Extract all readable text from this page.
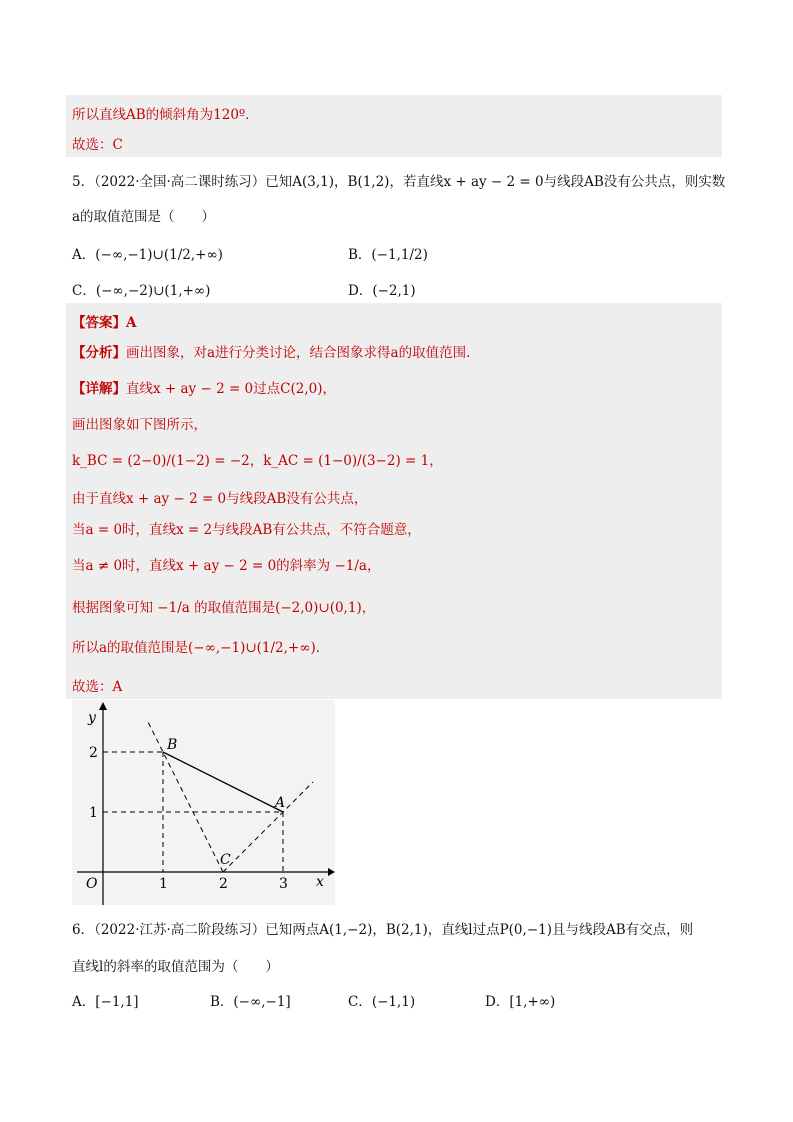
所以直线AB的倾斜角为120º．
故选：C
5．（2022·全国·高二课时练习）已知A(3,1)，B(1,2)，若直线x + ay − 2 = 0与线段AB没有公共点，则实数
a的取值范围是（　　）
A．(−∞,−1)∪(1/2,+∞)	B．(−1,1/2)
C．(−∞,−2)∪(1,+∞)	D．(−2,1)
【答案】A
【分析】画出图象，对a进行分类讨论，结合图象求得a的取值范围.
【详解】直线x + ay − 2 = 0过点C(2,0)，
画出图象如下图所示，
k_BC = (2−0)/(1−2) = −2，k_AC = (1−0)/(3−2) = 1，
由于直线x + ay − 2 = 0与线段AB没有公共点，
当a = 0时，直线x = 2与线段AB有公共点，不符合题意，
当a ≠ 0时，直线x + ay − 2 = 0的斜率为 −1/a，
根据图象可知 −1/a 的取值范围是(−2,0)∪(0,1)，
所以a的取值范围是(−∞,−1)∪(1/2,+∞).
故选：A
x
y
O	1	2	3
1
2	B
A
C
6．（2022·江苏·高二阶段练习）已知两点A(1,−2)，B(2,1)，直线l过点P(0,−1)且与线段AB有交点，则
直线l的斜率的取值范围为（　　）
A．[−1,1]	B．(−∞,−1]	C．(−1,1)	D．[1,+∞)
